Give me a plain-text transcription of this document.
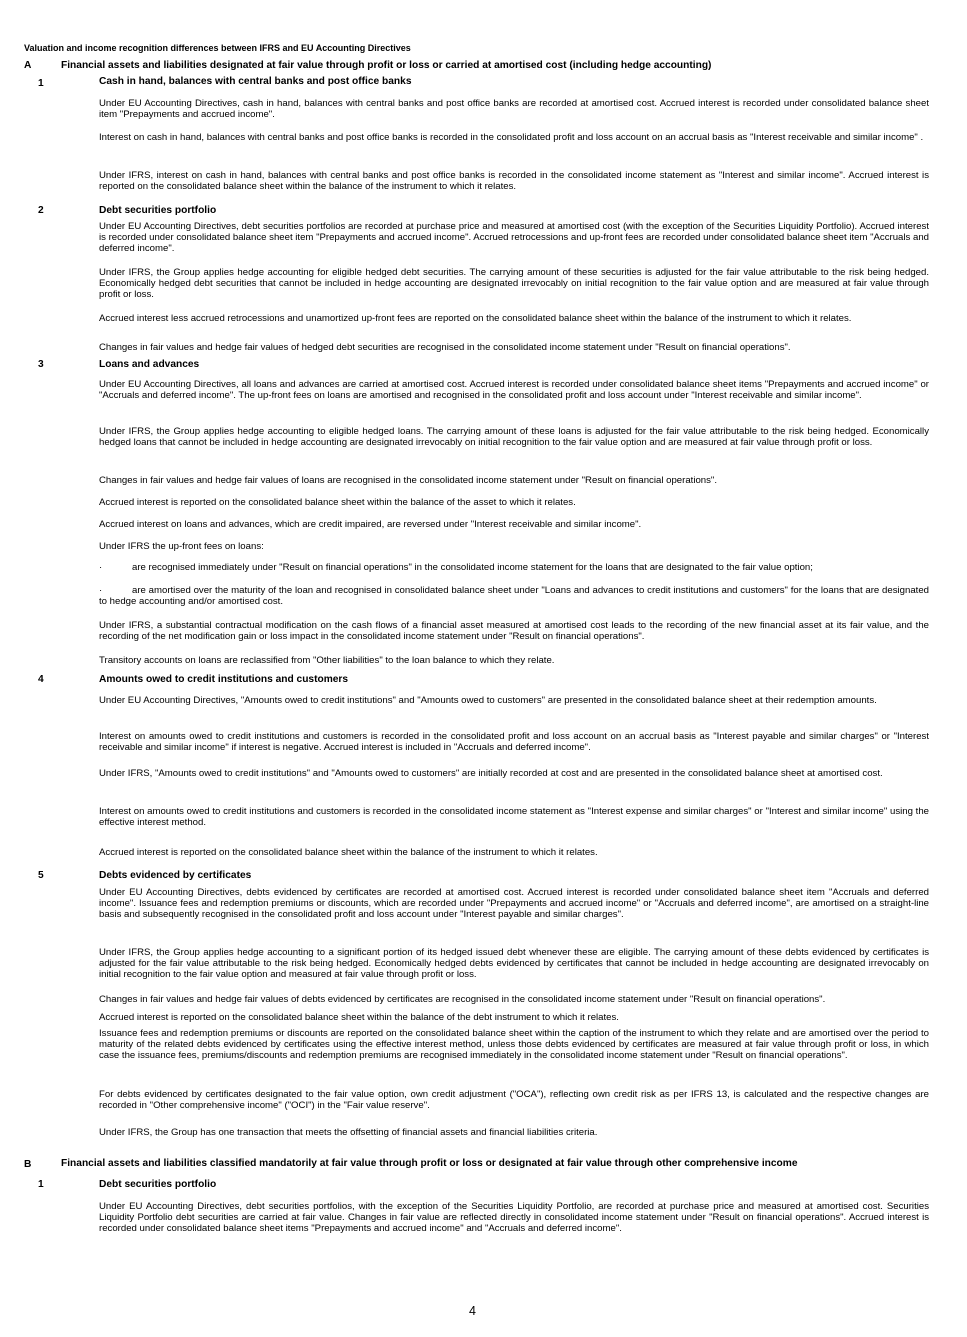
Valuation and income recognition differences between IFRS and EU Accounting Directives
A	Financial assets and liabilities designated at fair value through profit or loss or carried at amortised cost (including hedge accounting)
1	Cash in hand, balances with central banks and post office banks

Under EU Accounting Directives, cash in hand, balances with central banks and post office banks are recorded at amortised cost. Accrued interest is recorded under consolidated balance sheet item "Prepayments and accrued income".

Interest on cash in hand, balances with central banks and post office banks is recorded in the consolidated profit and loss account on an accrual basis as "Interest receivable and similar income" .

Under IFRS, interest on cash in hand, balances with central banks and post office banks is recorded in the consolidated income statement as "Interest and similar income". Accrued interest is reported on the consolidated balance sheet within the balance of the instrument to which it relates.

2	Debt securities portfolio

Under EU Accounting Directives, debt securities portfolios are recorded at purchase price and measured at amortised cost (with the exception of the Securities Liquidity Portfolio). Accrued interest is recorded under consolidated balance sheet item "Prepayments and accrued income". Accrued retrocessions and up-front fees are recorded under consolidated balance sheet item "Accruals and deferred income".

Under IFRS, the Group applies hedge accounting for eligible hedged debt securities. The carrying amount of these securities is adjusted for the fair value attributable to the risk being hedged. Economically hedged debt securities that cannot be included in hedge accounting are designated irrevocably on initial recognition to the fair value option and are measured at fair value through profit or loss.

Accrued interest less accrued retrocessions and unamortized up-front fees are reported on the consolidated balance sheet within the balance of the instrument to which it relates.

Changes in fair values and hedge fair values of hedged debt securities are recognised in the consolidated income statement under "Result on financial operations".

3	Loans and advances

Under EU Accounting Directives, all loans and advances are carried at amortised cost. Accrued interest is recorded under consolidated balance sheet items "Prepayments and accrued income" or "Accruals and deferred income". The up-front fees on loans are amortised and recognised in the consolidated profit and loss account under "Interest receivable and similar income".

Under IFRS, the Group applies hedge accounting to eligible hedged loans. The carrying amount of these loans is adjusted for the fair value attributable to the risk being hedged. Economically hedged loans that cannot be included in hedge accounting are designated irrevocably on initial recognition to the fair value option and are measured at fair value through profit or loss.

Changes in fair values and hedge fair values of loans are recognised in the consolidated income statement under "Result on financial operations".

Accrued interest is reported on the consolidated balance sheet within the balance of the asset to which it relates.

Accrued interest on loans and advances, which are credit impaired, are reversed under "Interest receivable and similar income".

Under IFRS the up-front fees on loans:

·	are recognised immediately under "Result on financial operations" in the consolidated income statement for the loans that are designated to the fair value option;

·	are amortised over the maturity of the loan and recognised in consolidated balance sheet under "Loans and advances to credit institutions and customers" for the loans that are designated to hedge accounting and/or amortised cost.

Under IFRS, a substantial contractual modification on the cash flows of a financial asset measured at amortised cost leads to the recording of the new financial asset at its fair value, and the recording of the net modification gain or loss impact in the consolidated income statement under "Result on financial operations".

Transitory accounts on loans are reclassified from "Other liabilities" to the loan balance to which they relate.

4	Amounts owed to credit institutions and customers

Under EU Accounting Directives, "Amounts owed to credit institutions" and "Amounts owed to customers" are presented in the consolidated balance sheet at their redemption amounts.

Interest on amounts owed to credit institutions and customers is recorded in the consolidated profit and loss account on an accrual basis as "Interest payable and similar charges" or "Interest receivable and similar income" if interest is negative. Accrued interest is included in "Accruals and deferred income".

Under IFRS, "Amounts owed to credit institutions" and "Amounts owed to customers" are initially recorded at cost and are presented in the consolidated balance sheet at amortised cost.

Interest on amounts owed to credit institutions and customers is recorded in the consolidated income statement as "Interest expense and similar charges" or "Interest and similar income" using the effective interest method.

Accrued interest is reported on the consolidated balance sheet within the balance of the instrument to which it relates.

5	Debts evidenced by certificates

Under EU Accounting Directives, debts evidenced by certificates are recorded at amortised cost. Accrued interest is recorded under consolidated balance sheet item "Accruals and deferred income". Issuance fees and redemption premiums or discounts, which are recorded under "Prepayments and accrued income" or "Accruals and deferred income", are amortised on a straight-line basis and subsequently recognised in the consolidated profit and loss account under "Interest payable and similar charges".

Under IFRS, the Group applies hedge accounting to a significant portion of its hedged issued debt whenever these are eligible. The carrying amount of these debts evidenced by certificates is adjusted for the fair value attributable to the risk being hedged. Economically hedged debts evidenced by certificates that cannot be included in hedge accounting are designated irrevocably on initial recognition to the fair value option and measured at fair value through profit or loss.

Changes in fair values and hedge fair values of debts evidenced by certificates are recognised in the consolidated income statement under "Result on financial operations".

Accrued interest is reported on the consolidated balance sheet within the balance of the debt instrument to which it relates.

Issuance fees and redemption premiums or discounts are reported on the consolidated balance sheet within the caption of the instrument to which they relate and are amortised over the period to maturity of the related debts evidenced by certificates using the effective interest method, unless those debts evidenced by certificates are measured at fair value through profit or loss, in which case the issuance fees, premiums/discounts and redemption premiums are recognised immediately in the consolidated income statement under "Result on financial operations".

For debts evidenced by certificates designated to the fair value option, own credit adjustment ("OCA"), reflecting own credit risk as per IFRS 13, is calculated and the respective changes are recorded in "Other comprehensive income" ("OCI") in the "Fair value reserve".

Under IFRS, the Group has one transaction that meets the offsetting of financial assets and financial liabilities criteria.

B	Financial assets and liabilities classified mandatorily at fair value through profit or loss or designated at fair value through other comprehensive income
1	Debt securities portfolio

Under EU Accounting Directives, debt securities portfolios, with the exception of the Securities Liquidity Portfolio, are recorded at purchase price and measured at amortised cost. Securities Liquidity Portfolio debt securities are carried at fair value. Changes in fair value are reflected directly in consolidated income statement under "Result on financial operations". Accrued interest is recorded under consolidated balance sheet items "Prepayments and accrued income" and "Accruals and deferred income".

4
